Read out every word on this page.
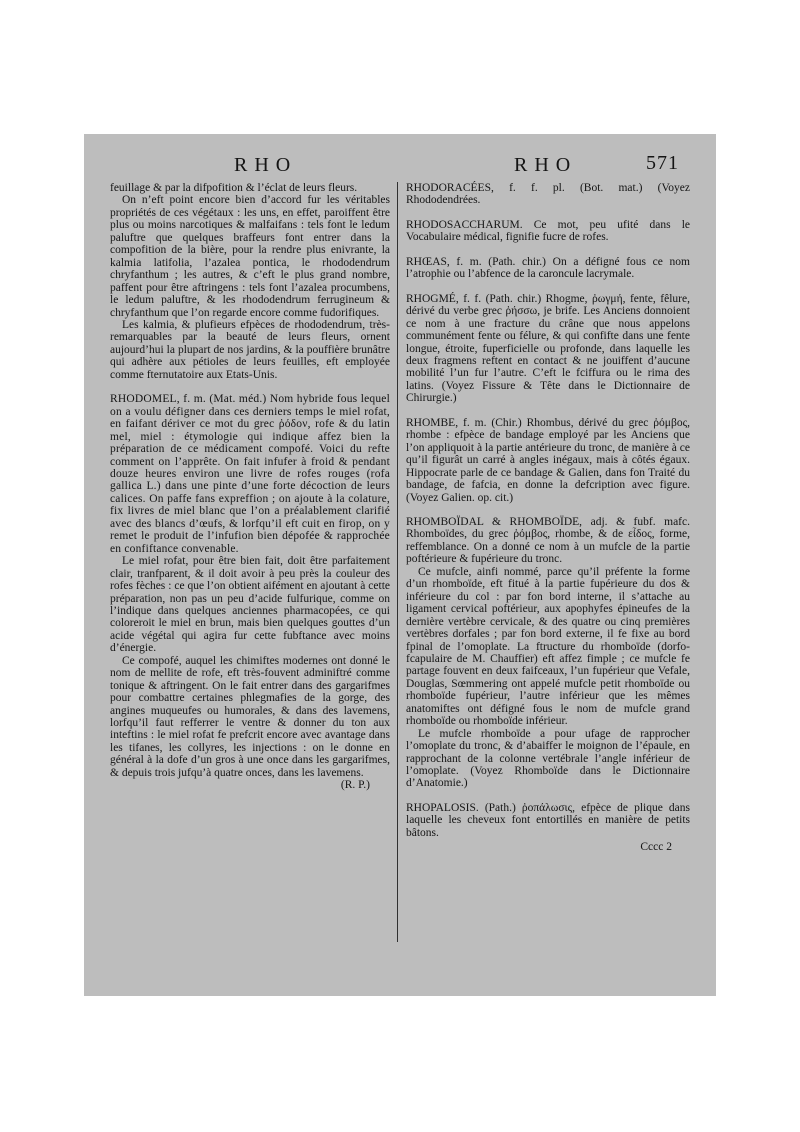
RHO	RHO	571

feuillage & par la difpofition & l’éclat de leurs fleurs.

On n’eft point encore bien d’accord fur les véritables propriétés de ces végétaux : les uns, en effet, paroiffent être plus ou moins narcotiques & malfaifans : tels font le ledum paluftre que quelques braffeurs font entrer dans la compofition de la bière, pour la rendre plus enivrante, la kalmia latifolia, l’azalea pontica, le rhododendrum chryfanthum ; les autres, & c’eft le plus grand nombre, paffent pour être aftringens : tels font l’azalea procumbens, le ledum paluftre, & les rhododendrum ferrugineum & chryfanthum que l’on regarde encore comme fudorifiques.

Les kalmia, & plufieurs efpèces de rhododendrum, très-remarquables par la beauté de leurs fleurs, ornent aujourd’hui la plupart de nos jardins, & la pouffière brunâtre qui adhère aux pétioles de leurs feuilles, eft employée comme fternutatoire aux Etats-Unis.

RHODOMEL, f. m. (Mat. méd.) Nom hybride fous lequel on a voulu défigner dans ces derniers temps le miel rofat, en faifant dériver ce mot du grec ῥόδον, rofe & du latin mel, miel : étymologie qui indique affez bien la préparation de ce médicament compofé. Voici du refte comment on l’apprête. On fait infufer à froid & pendant douze heures environ une livre de rofes rouges (rofa gallica L.) dans une pinte d’une forte décoction de leurs calices. On paffe fans expreffion ; on ajoute à la colature, fix livres de miel blanc que l’on a préalablement clarifié avec des blancs d’œufs, & lorfqu’il eft cuit en firop, on y remet le produit de l’infufion bien dépofée & rapprochée en confiftance convenable.

Le miel rofat, pour être bien fait, doit être parfaitement clair, tranfparent, & il doit avoir à peu près la couleur des rofes fèches : ce que l’on obtient aifément en ajoutant à cette préparation, non pas un peu d’acide fulfurique, comme on l’indique dans quelques anciennes pharmacopées, ce qui coloreroit le miel en brun, mais bien quelques gouttes d’un acide végétal qui agira fur cette fubftance avec moins d’énergie.

Ce compofé, auquel les chimiftes modernes ont donné le nom de mellite de rofe, eft très-fouvent adminiftré comme tonique & aftringent. On le fait entrer dans des gargarifmes pour combattre certaines phlegmafies de la gorge, des angines muqueufes ou humorales, & dans des lavemens, lorfqu’il faut refferrer le ventre & donner du ton aux inteftins : le miel rofat fe prefcrit encore avec avantage dans les tifanes, les collyres, les injections : on le donne en général à la dofe d’un gros à une once dans les gargarifmes, & depuis trois jufqu’à quatre onces, dans les lavemens.

(R. P.)

RHODORACÉES, f. f. pl. (Bot. mat.) (Voyez Rhododendrées.

RHODOSACCHARUM. Ce mot, peu ufité dans le Vocabulaire médical, fignifie fucre de rofes.

RHŒAS, f. m. (Path. chir.) On a défigné fous ce nom l’atrophie ou l’abfence de la caroncule lacrymale.

RHOGMÉ, f. f. (Path. chir.) Rhogme, ῥωγμή, fente, fêlure, dérivé du verbe grec ῥήσσω, je brife. Les Anciens donnoient ce nom à une fracture du crâne que nous appelons communément fente ou félure, & qui confifte dans une fente longue, étroite, fuperficielle ou profonde, dans laquelle les deux fragmens reftent en contact & ne jouiffent d’aucune mobilité l’un fur l’autre. C’eft le fciffura ou le rima des latins. (Voyez Fissure & Tête dans le Dictionnaire de Chirurgie.)

RHOMBE, f. m. (Chir.) Rhombus, dérivé du grec ῥόμβος, rhombe : efpèce de bandage employé par les Anciens que l’on appliquoit à la partie antérieure du tronc, de manière à ce qu’il figurât un carré à angles inégaux, mais à côtés égaux. Hippocrate parle de ce bandage & Galien, dans fon Traité du bandage, de fafcia, en donne la defcription avec figure. (Voyez Galien. op. cit.)

RHOMBOÏDAL & RHOMBOÏDE, adj. & fubf. mafc. Rhomboïdes, du grec ῥόμβος, rhombe, & de εἶδος, forme, reffemblance. On a donné ce nom à un mufcle de la partie poftérieure & fupérieure du tronc.

Ce mufcle, ainfi nommé, parce qu’il préfente la forme d’un rhomboïde, eft fitué à la partie fupérieure du dos & inférieure du col : par fon bord interne, il s’attache au ligament cervical poftérieur, aux apophyfes épineufes de la dernière vertèbre cervicale, & des quatre ou cinq premières vertèbres dorfales ; par fon bord externe, il fe fixe au bord fpinal de l’omoplate. La ftructure du rhomboïde (dorfo-fcapulaire de M. Chauffier) eft affez fimple ; ce mufcle fe partage fouvent en deux faifceaux, l’un fupérieur que Vefale, Douglas, Sœmmering ont appelé mufcle petit rhomboïde ou rhomboïde fupérieur, l’autre inférieur que les mêmes anatomiftes ont défigné fous le nom de mufcle grand rhomboïde ou rhomboïde inférieur.

Le mufcle rhomboïde a pour ufage de rapprocher l’omoplate du tronc, & d’abaiffer le moignon de l’épaule, en rapprochant de la colonne vertébrale l’angle inférieur de l’omoplate. (Voyez Rhomboïde dans le Dictionnaire d’Anatomie.)

RHOPALOSIS. (Path.) ῥοπάλωσις, efpèce de plique dans laquelle les cheveux font entortillés en manière de petits bâtons.

Cccc 2
